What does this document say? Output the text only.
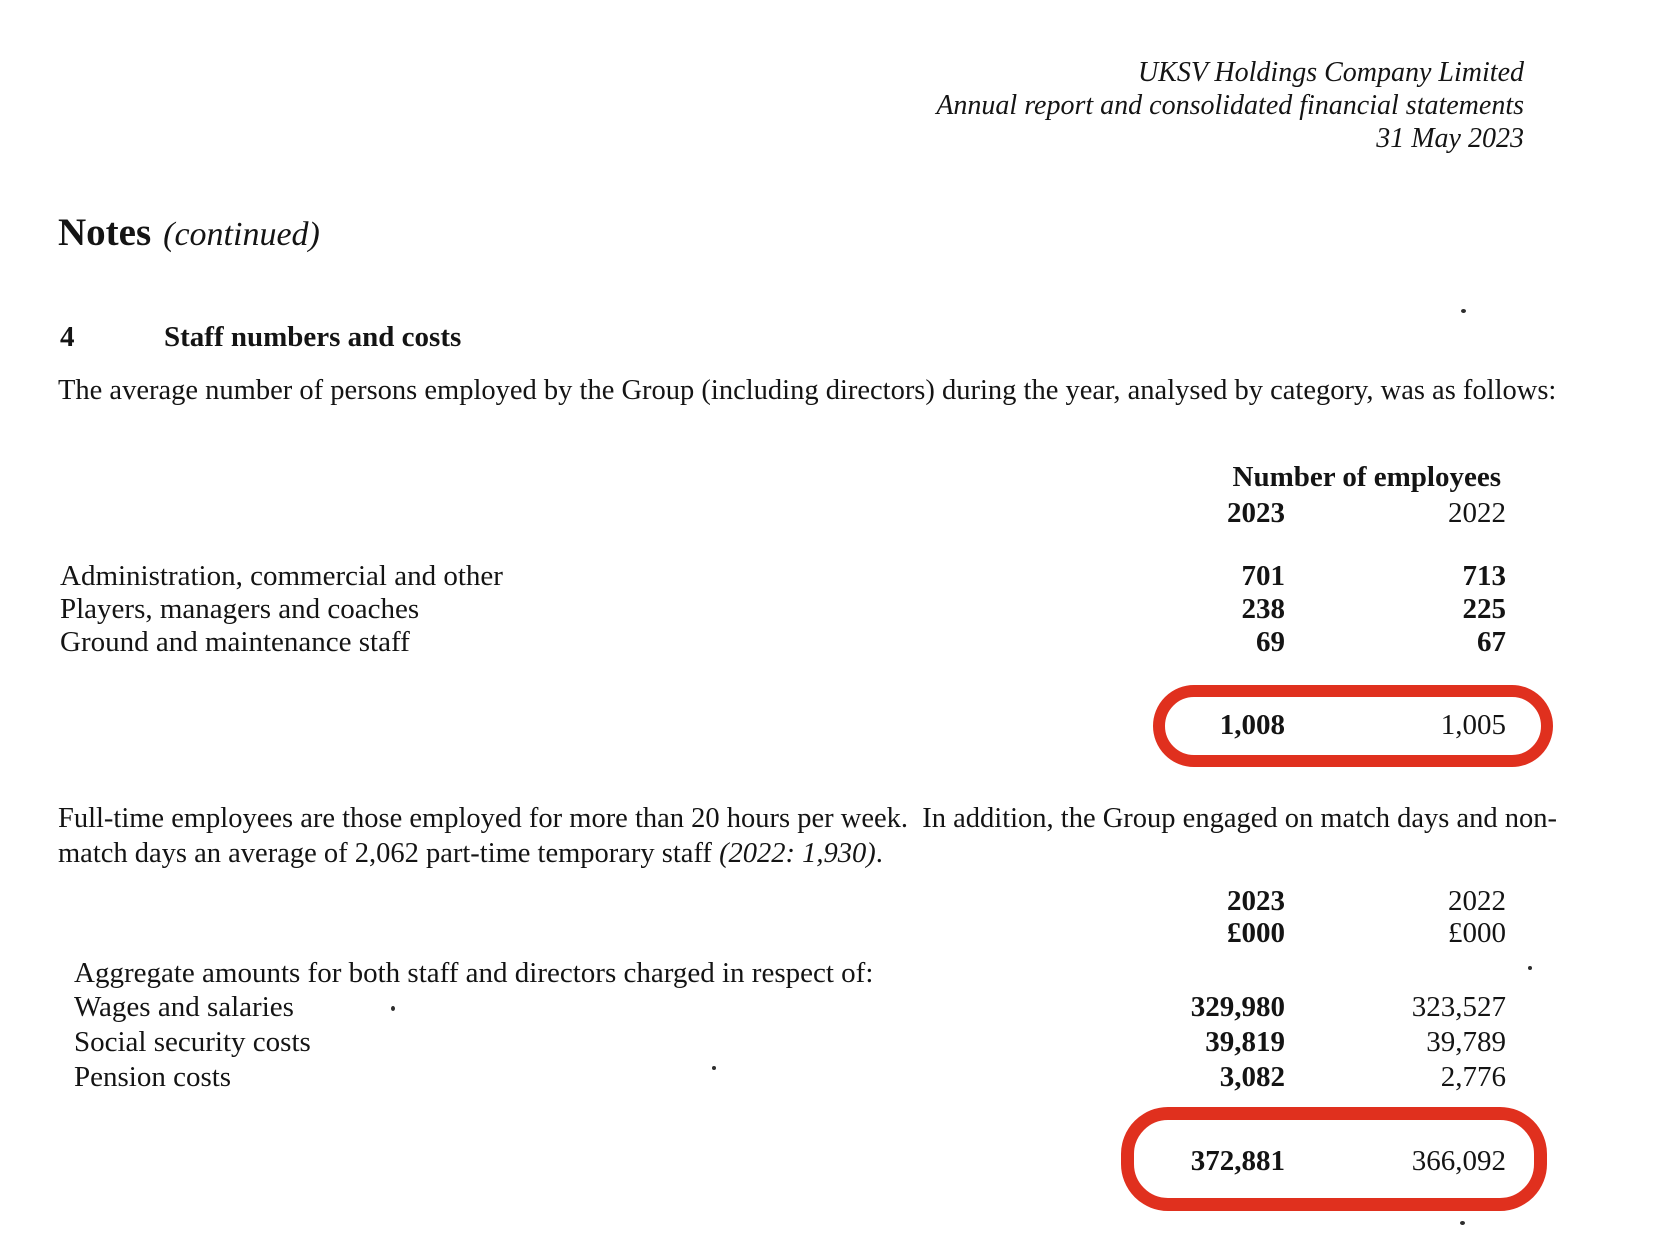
UKSV Holdings Company Limited
Annual report and consolidated financial statements
31 May 2023
Notes (continued)
4	Staff numbers and costs
The average number of persons employed by the Group (including directors) during the year, analysed by category, was as follows:
Number of employees
2023	2022
Administration, commercial and other	701	713
Players, managers and coaches	238	225
Ground and maintenance staff	69	67
1,008	1,005
Full-time employees are those employed for more than 20 hours per week.  In addition, the Group engaged on match days and non-match days an average of 2,062 part-time temporary staff (2022: 1,930).
2023	2022
£000	£000
Aggregate amounts for both staff and directors charged in respect of:
Wages and salaries	329,980	323,527
Social security costs	39,819	39,789
Pension costs	3,082	2,776
372,881	366,092
